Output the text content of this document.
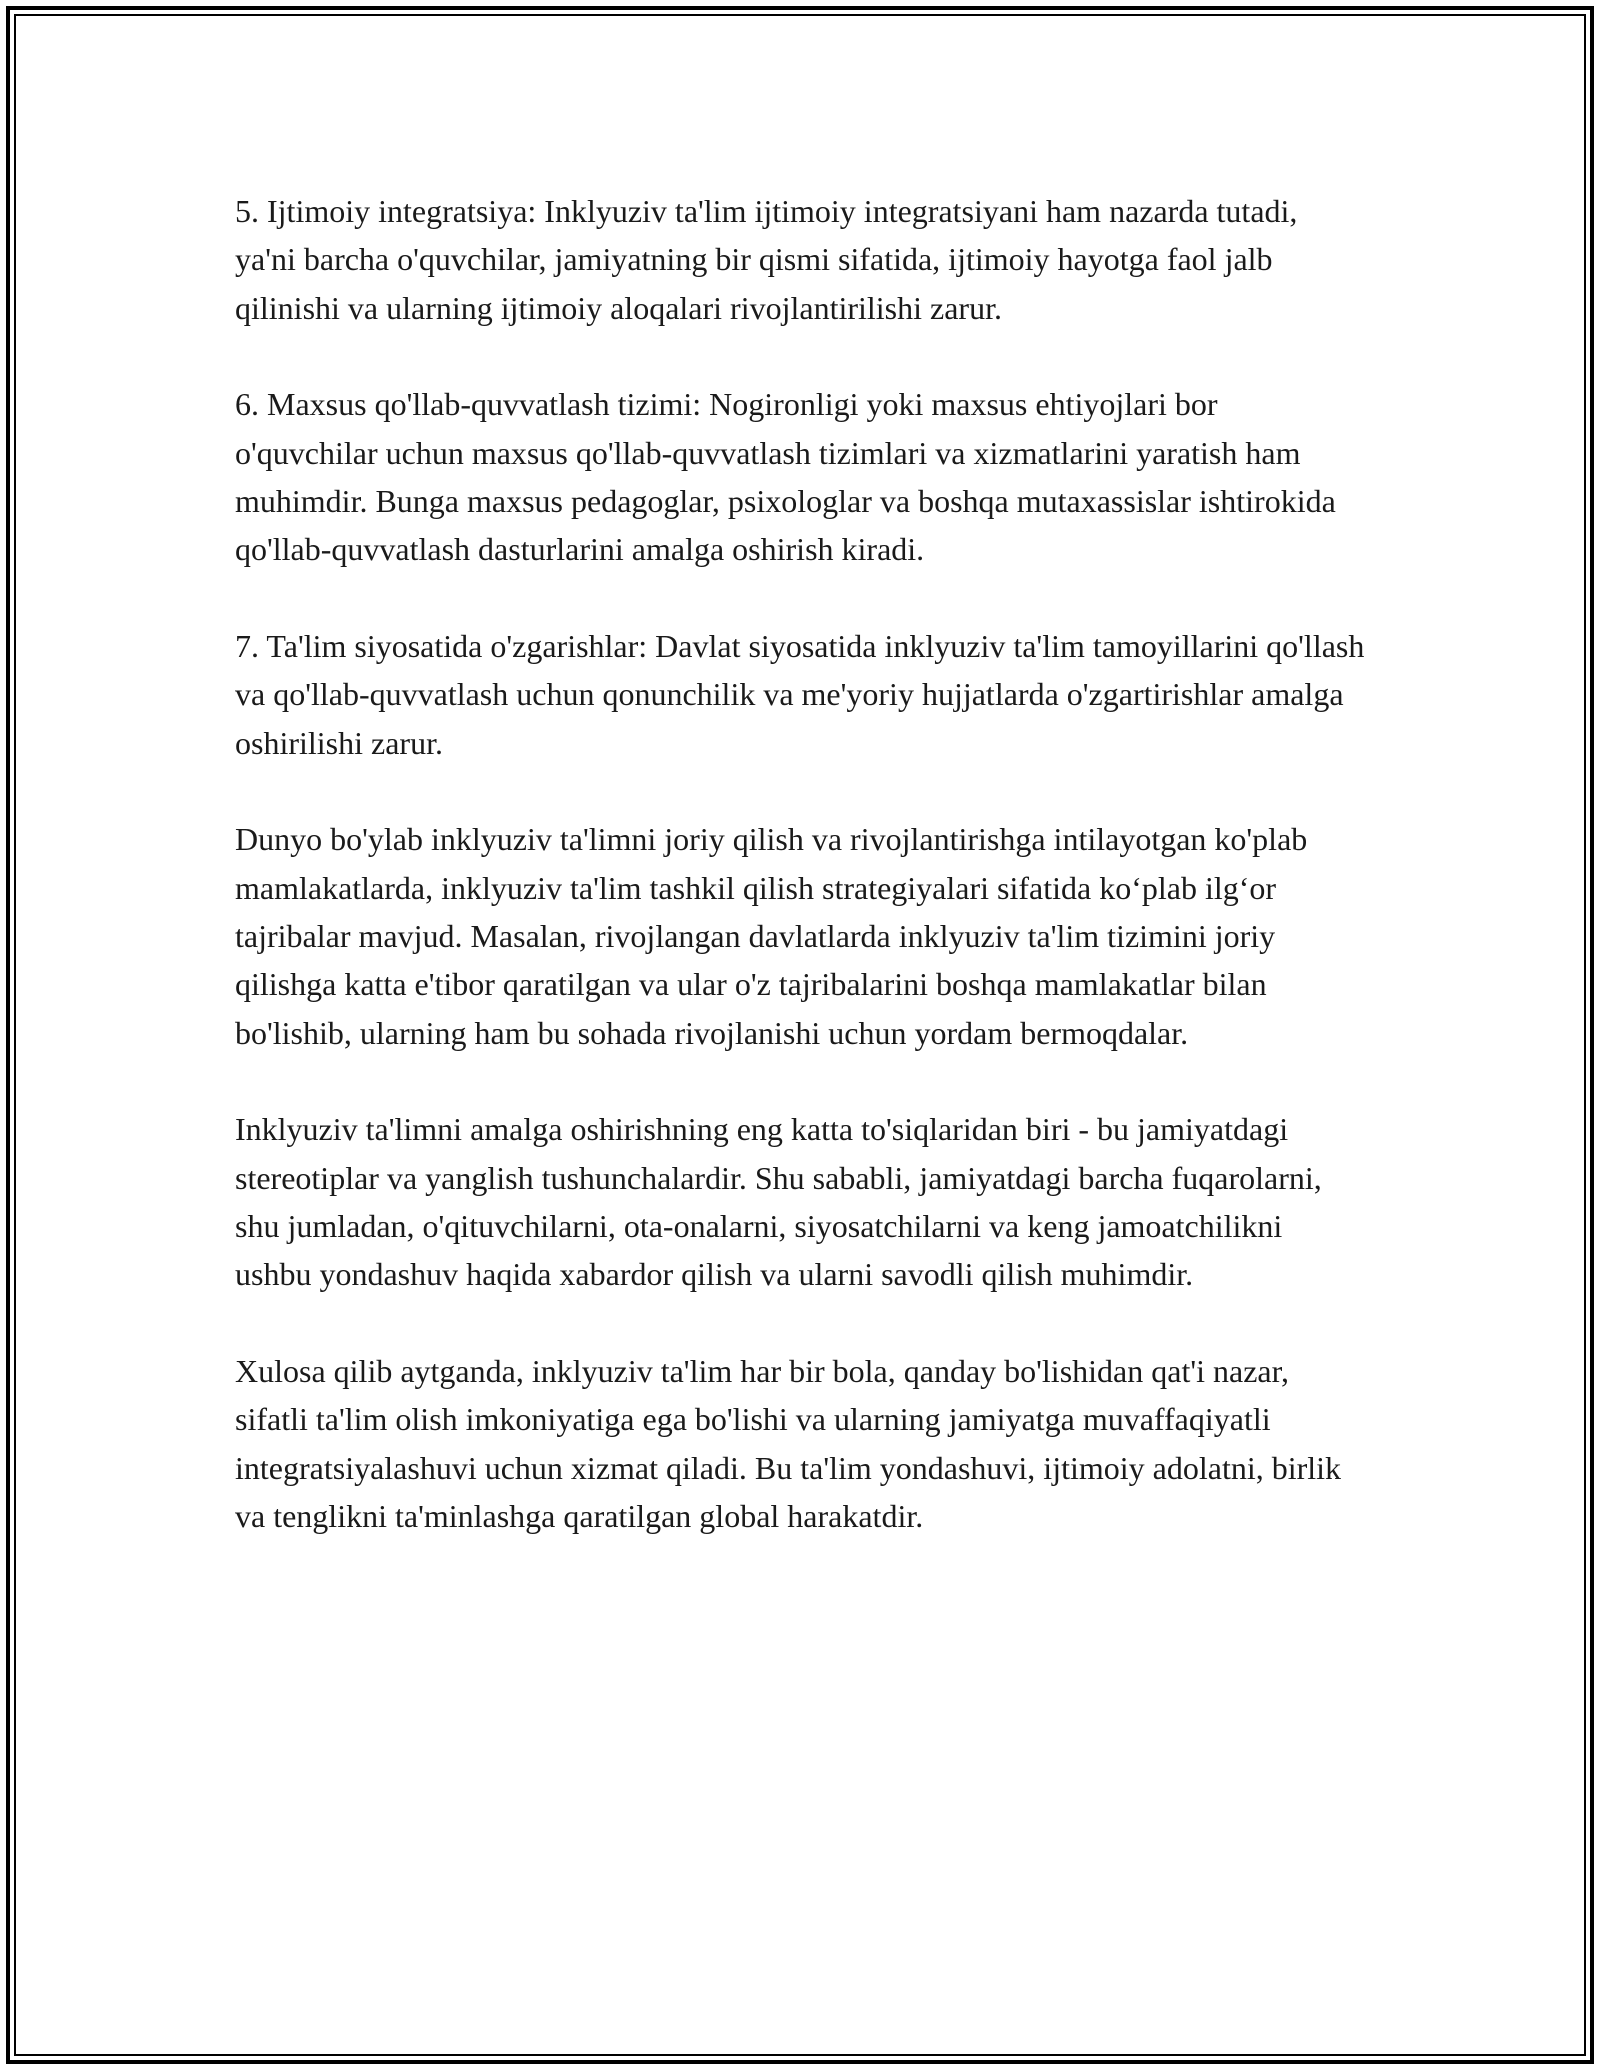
5. Ijtimoiy integratsiya: Inklyuziv ta'lim ijtimoiy integratsiyani ham nazarda tutadi, ya'ni barcha o'quvchilar, jamiyatning bir qismi sifatida, ijtimoiy hayotga faol jalb qilinishi va ularning ijtimoiy aloqalari rivojlantirilishi zarur.

6. Maxsus qo'llab-quvvatlash tizimi: Nogironligi yoki maxsus ehtiyojlari bor o'quvchilar uchun maxsus qo'llab-quvvatlash tizimlari va xizmatlarini yaratish ham muhimdir. Bunga maxsus pedagoglar, psixologlar va boshqa mutaxassislar ishtirokida qo'llab-quvvatlash dasturlarini amalga oshirish kiradi.

7. Ta'lim siyosatida o'zgarishlar: Davlat siyosatida inklyuziv ta'lim tamoyillarini qo'llash va qo'llab-quvvatlash uchun qonunchilik va me'yoriy hujjatlarda o'zgartirishlar amalga oshirilishi zarur.

Dunyo bo'ylab inklyuziv ta'limni joriy qilish va rivojlantirishga intilayotgan ko'plab mamlakatlarda, inklyuziv ta'lim tashkil qilish strategiyalari sifatida ko‘plab ilg‘or tajribalar mavjud. Masalan, rivojlangan davlatlarda inklyuziv ta'lim tizimini joriy qilishga katta e'tibor qaratilgan va ular o'z tajribalarini boshqa mamlakatlar bilan bo'lishib, ularning ham bu sohada rivojlanishi uchun yordam bermoqdalar.

Inklyuziv ta'limni amalga oshirishning eng katta to'siqlaridan biri - bu jamiyatdagi stereotiplar va yanglish tushunchalardir. Shu sababli, jamiyatdagi barcha fuqarolarni, shu jumladan, o'qituvchilarni, ota-onalarni, siyosatchilarni va keng jamoatchilikni ushbu yondashuv haqida xabardor qilish va ularni savodli qilish muhimdir.

Xulosa qilib aytganda, inklyuziv ta'lim har bir bola, qanday bo'lishidan qat'i nazar, sifatli ta'lim olish imkoniyatiga ega bo'lishi va ularning jamiyatga muvaffaqiyatli integratsiyalashuvi uchun xizmat qiladi. Bu ta'lim yondashuvi, ijtimoiy adolatni, birlik va tenglikni ta'minlashga qaratilgan global harakatdir.
